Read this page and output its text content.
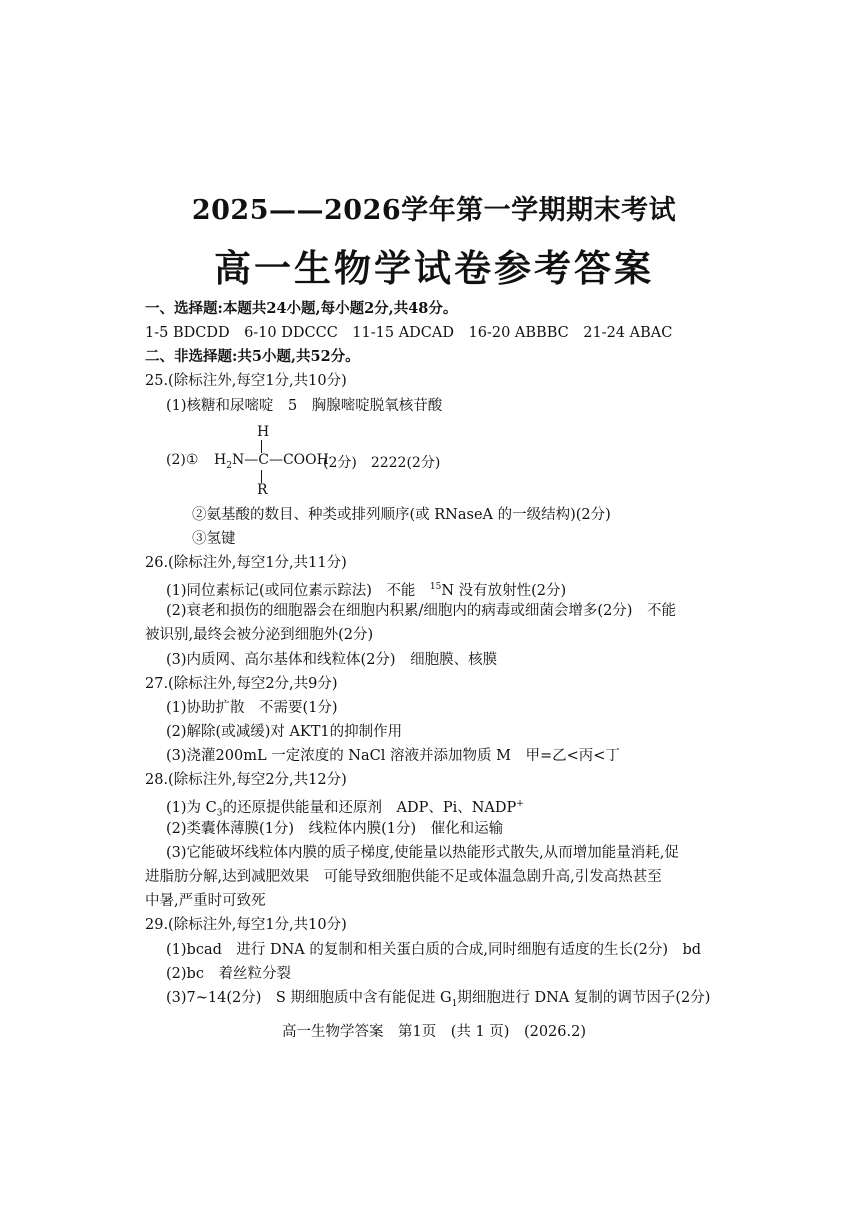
2025——2026学年第一学期期末考试
高一生物学试卷参考答案
一、选择题:本题共24小题,每小题2分,共48分。
1-5 BDCDD　6-10 DDCCC　11-15 ADCAD　16-20 ABBBC　21-24 ABAC
二、非选择题:共5小题,共52分。
25.(除标注外,每空1分,共10分)
(1)核糖和尿嘧啶　5　胸腺嘧啶脱氧核苷酸
(2)①
H
$H_2$ N—C—COOH
R
(2分)　2222(2分)
②氨基酸的数目、种类或排列顺序(或 RNaseA 的一级结构)(2分)
③氢键
26.(除标注外,每空1分,共11分)
(1)同位素标记(或同位素示踪法)　不能　$^{15}$N 没有放射性(2分)
(2)衰老和损伤的细胞器会在细胞内积累/细胞内的病毒或细菌会增多(2分)　不能
被识别,最终会被分泌到细胞外(2分)
(3)内质网、高尔基体和线粒体(2分)　细胞膜、核膜
27.(除标注外,每空2分,共9分)
(1)协助扩散　不需要(1分)
(2)解除(或减缓)对 AKT1的抑制作用
(3)浇灌200mL 一定浓度的 NaCl 溶液并添加物质 M　甲=乙<丙<丁
28.(除标注外,每空2分,共12分)
(1)为 $C_3$的还原提供能量和还原剂　ADP、Pi、NADP+
(2)类囊体薄膜(1分)　线粒体内膜(1分)　催化和运输
(3)它能破坏线粒体内膜的质子梯度,使能量以热能形式散失,从而增加能量消耗,促
进脂肪分解,达到减肥效果　可能导致细胞供能不足或体温急剧升高,引发高热甚至
中暑,严重时可致死
29.(除标注外,每空1分,共10分)
(1)bcad　进行 DNA 的复制和相关蛋白质的合成,同时细胞有适度的生长(2分)　bd
(2)bc　着丝粒分裂
(3)7~14(2分)　S 期细胞质中含有能促进 $G_1$期细胞进行 DNA 复制的调节因子(2分)
高一生物学答案　第1页　(共 1 页)　(2026.2)
